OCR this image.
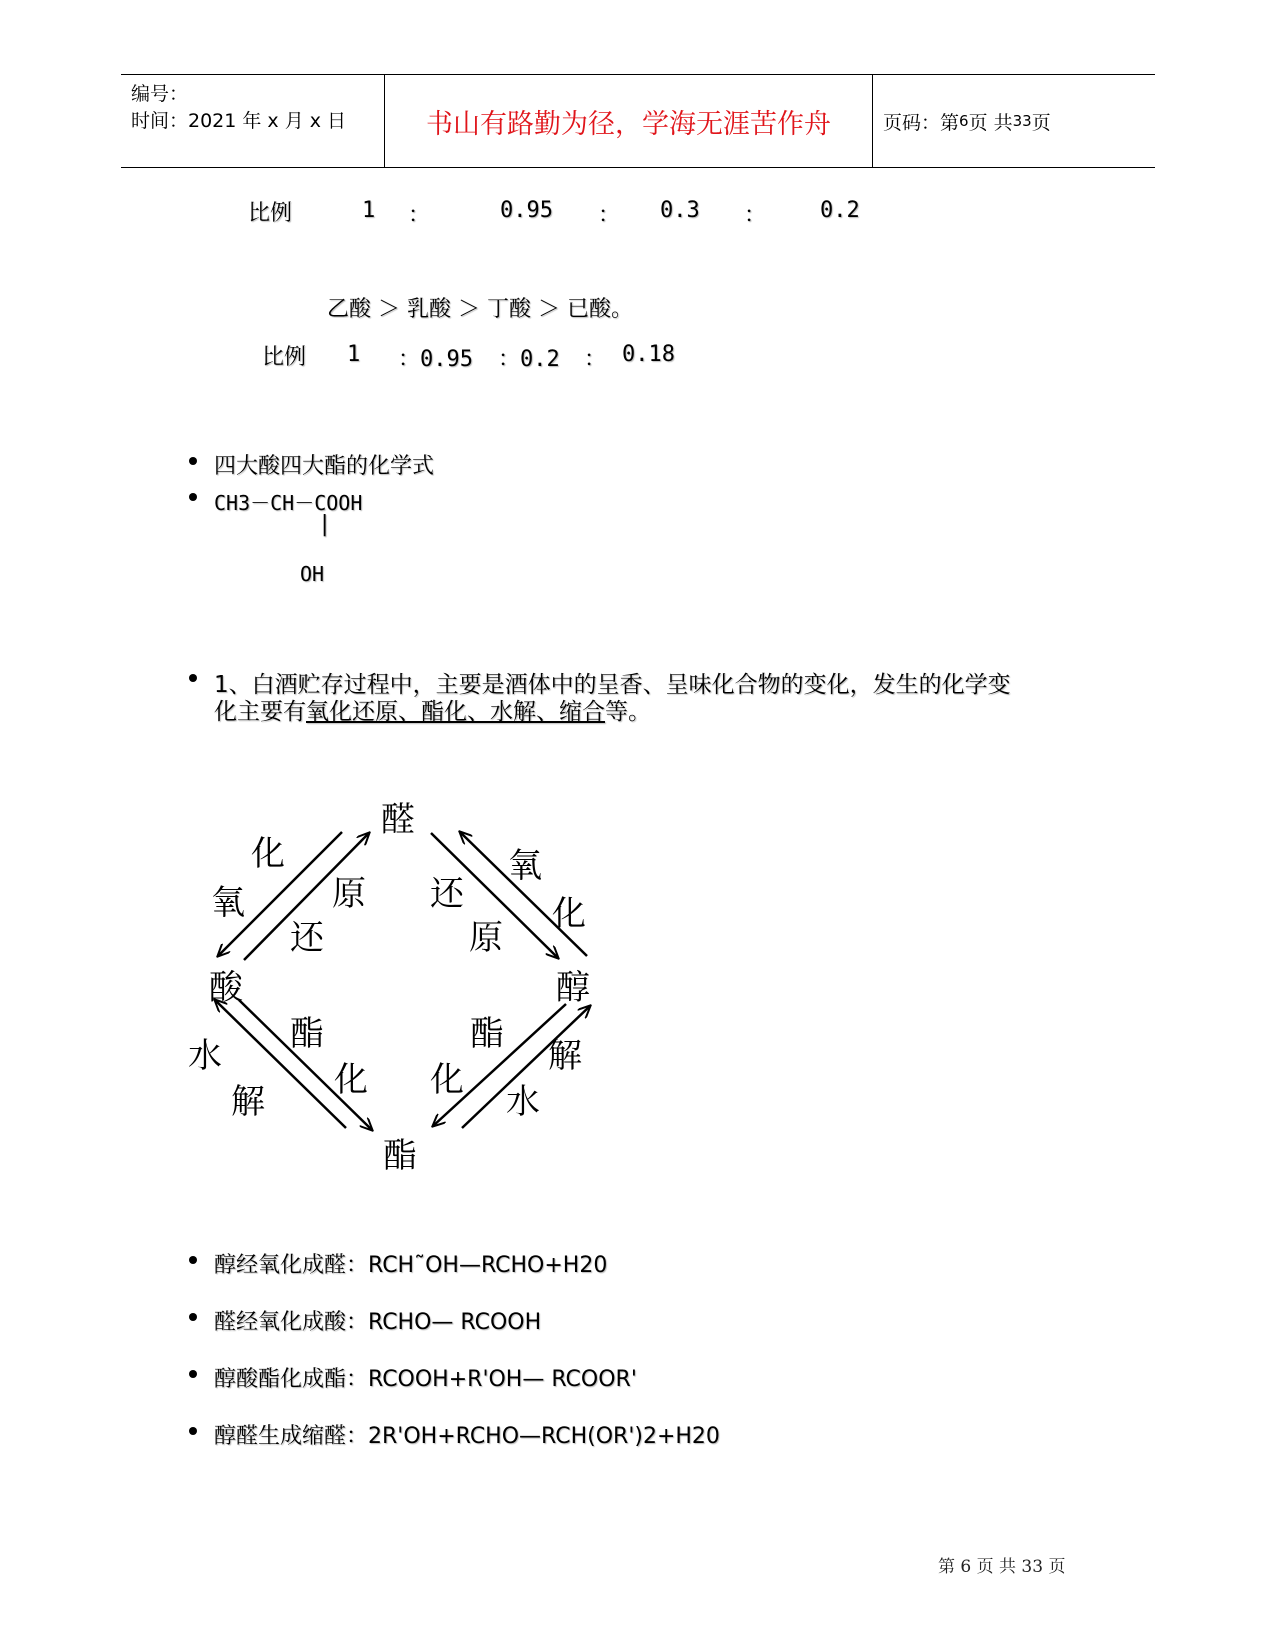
编号：
时间：2021 年 x 月 x 日	书山有路勤为径，学海无涯苦作舟	页码：第 6 页 共 33 页
比例	1 ：	0.95 ： 0.3 ： 0.2
乙酸 ＞ 乳酸 ＞ 丁酸 ＞ 已酸。
比例 1 ：0.95 ：0.2 ： 0.18
四大酸四大酯的化学式
CH3－CH－COOH
|
OH
1、白酒贮存过程中，主要是酒体中的呈香、呈味化合物的变化，发生的化学变
化主要有氧化还原、酯化、水解、缩合等。
醛
酸	醇
酯
化
氧	原
还
还
原
氧
化
水
解
酯
化
酯
化
解
水
醇经氧化成醛：RCH˜OH—RCHO+H20
醛经氧化成酸：RCHO— RCOOH
醇酸酯化成酯：RCOOH+R'OH— RCOOR'
醇醛生成缩醛：2R'OH+RCHO—RCH(OR')2+H20
第 6 页 共 33 页
